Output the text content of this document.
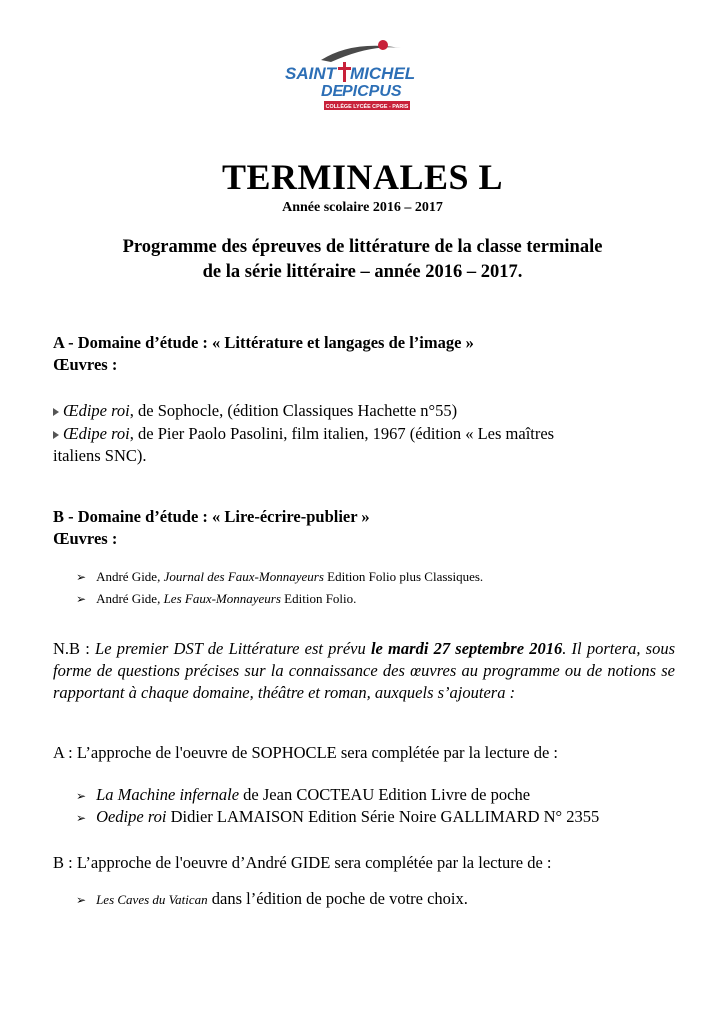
SAINT MICHEL
DE
PICPUS
COLLÈGE LYCÉE CPGE - PARIS
TERMINALES L
Année scolaire 2016 – 2017
Programme des épreuves de littérature de la classe terminale
de la série littéraire – année 2016 – 2017.
A - Domaine d’étude : « Littérature et langages de l’image »
Œuvres :
Œdipe roi, de Sophocle, (édition Classiques Hachette n°55)
Œdipe roi, de Pier Paolo Pasolini, film italien, 1967 (édition « Les maîtres
italiens SNC).
B - Domaine d’étude : « Lire-écrire-publier »
Œuvres :
➢ André Gide, Journal des Faux-Monnayeurs Edition Folio plus Classiques.
➢ André Gide, Les Faux-Monnayeurs Edition Folio.
N.B : Le premier DST de Littérature est prévu le mardi 27 septembre 2016. Il portera, sous forme de questions précises sur la connaissance des œuvres au programme ou de notions se rapportant à chaque domaine, théâtre et roman, auxquels s’ajoutera :
A : L’approche de l'oeuvre de SOPHOCLE sera complétée par la lecture de :
➢ La Machine infernale de Jean COCTEAU Edition Livre de poche
➢ Oedipe roi Didier LAMAISON Edition Série Noire GALLIMARD N° 2355
B : L’approche de l'oeuvre d’André GIDE sera complétée par la lecture de :
➢ Les Caves du Vatican dans l’édition de poche de votre choix.
